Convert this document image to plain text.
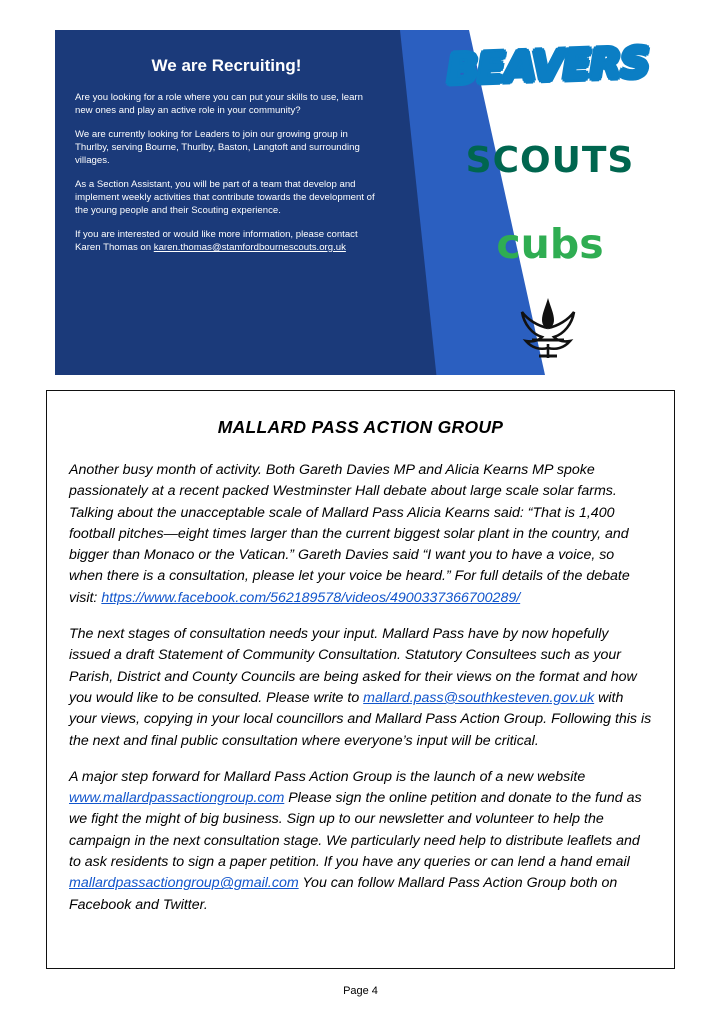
We are Recruiting!

Are you looking for a role where you can put your skills to use, learn new ones and play an active role in your community?

We are currently looking for Leaders to join our growing group in Thurlby, serving Bourne, Thurlby, Baston, Langtoft and surrounding villages.

As a Section Assistant, you will be part of a team that develop and implement weekly activities that contribute towards the development of the young people and their Scouting experience.

If you are interested or would like more information, please contact Karen Thomas on karen.thomas@stamfordbournescouts.org.uk

BEAVERS
SCOUTS
cubs
MALLARD PASS ACTION GROUP

Another busy month of activity. Both Gareth Davies MP and Alicia Kearns MP spoke passionately at a recent packed Westminster Hall debate about large scale solar farms. Talking about the unacceptable scale of Mallard Pass Alicia Kearns said: “That is 1,400 football pitches—eight times larger than the current biggest solar plant in the country, and bigger than Monaco or the Vatican.” Gareth Davies said “I want you to have a voice, so when there is a consultation, please let your voice be heard.” For full details of the debate visit: https://www.facebook.com/562189578/videos/4900337366700289/

The next stages of consultation needs your input. Mallard Pass have by now hopefully issued a draft Statement of Community Consultation. Statutory Consultees such as your Parish, District and County Councils are being asked for their views on the format and how you would like to be consulted. Please write to mallard.pass@southkesteven.gov.uk with your views, copying in your local councillors and Mallard Pass Action Group. Following this is the next and final public consultation where everyone’s input will be critical.

A major step forward for Mallard Pass Action Group is the launch of a new website www.mallardpassactiongroup.com Please sign the online petition and donate to the fund as we fight the might of big business. Sign up to our newsletter and volunteer to help the campaign in the next consultation stage. We particularly need help to distribute leaflets and to ask residents to sign a paper petition. If you have any queries or can lend a hand email mallardpassactiongroup@gmail.com You can follow Mallard Pass Action Group both on Facebook and Twitter.

Page 4
